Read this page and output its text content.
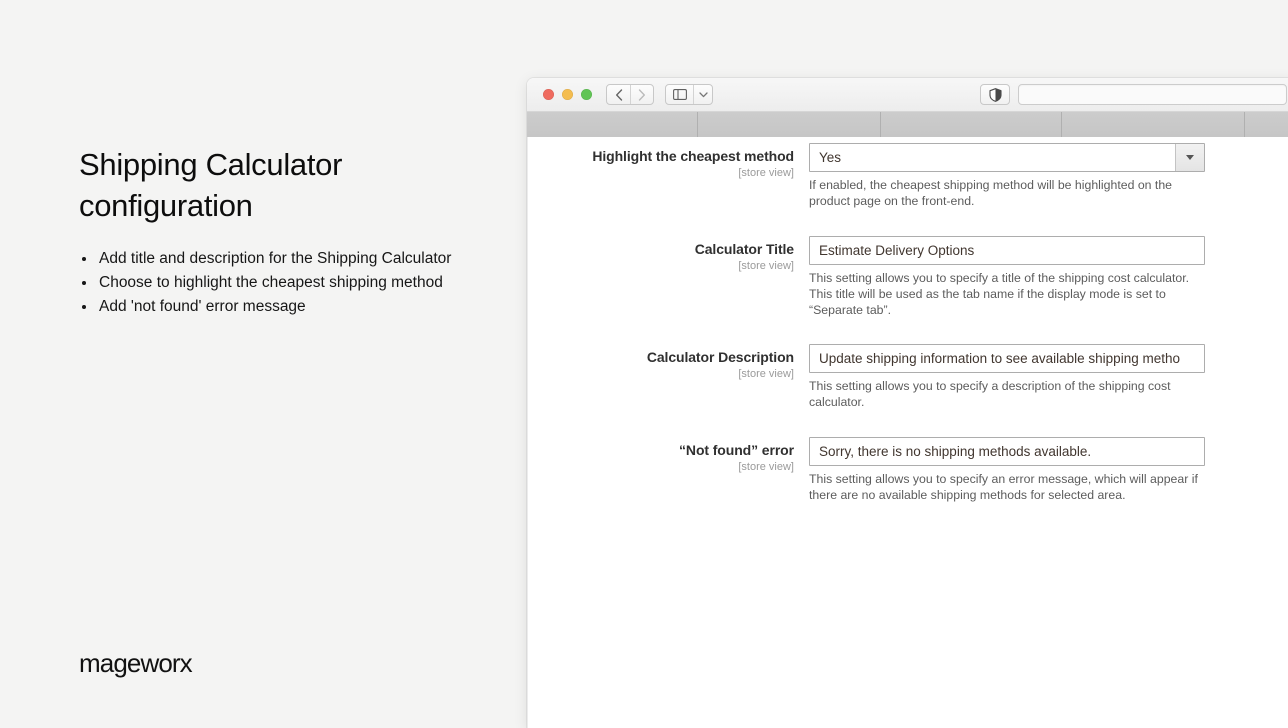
Shipping Calculator configuration
Add title and description for the Shipping Calculator
Choose to highlight the cheapest shipping method
Add 'not found' error message
mageworx
Highlight the cheapest method
[store view]
Yes
If enabled, the cheapest shipping method will be highlighted on the product page on the front-end.
Calculator Title
[store view]
Estimate Delivery Options
This setting allows you to specify a title of the shipping cost calculator. This title will be used as the tab name if the display mode is set to “Separate tab”.
Calculator Description
[store view]
Update shipping information to see available shipping metho
This setting allows you to specify a description of the shipping cost calculator.
“Not found” error
[store view]
Sorry, there is no shipping methods available.
This setting allows you to specify an error message, which will appear if there are no available shipping methods for selected area.
